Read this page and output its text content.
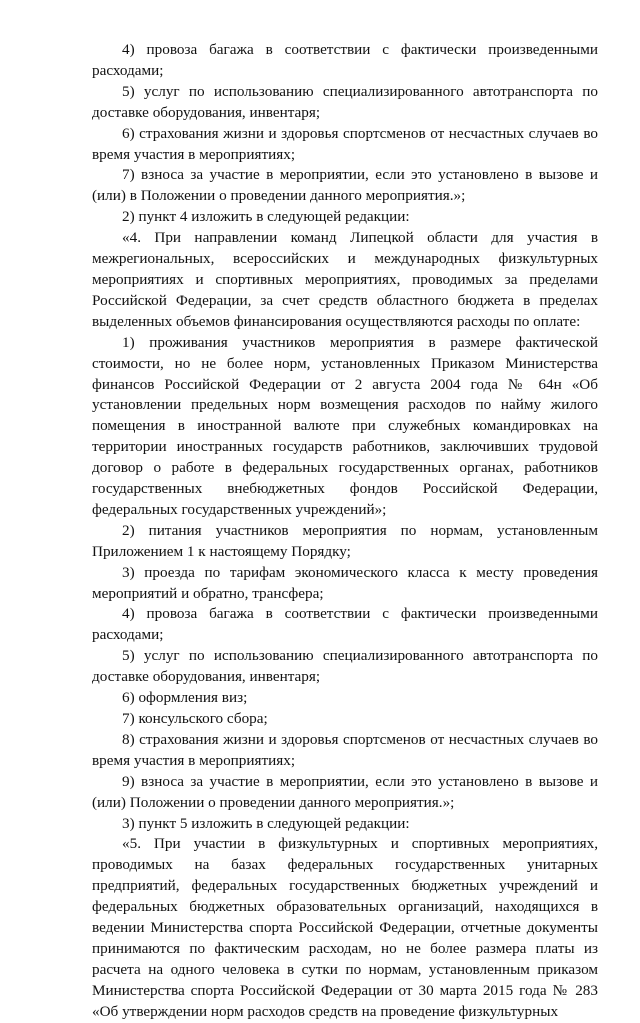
4) провоза багажа в соответствии с фактически произведенными расходами;

5) услуг по использованию специализированного автотранспорта по доставке оборудования, инвентаря;

6) страхования жизни и здоровья спортсменов от несчастных случаев во время участия в мероприятиях;

7) взноса за участие в мероприятии, если это установлено в вызове и (или) в Положении о проведении данного мероприятия.»;

2) пункт 4 изложить в следующей редакции:

«4. При направлении команд Липецкой области для участия в межрегиональных, всероссийских и международных физкультурных мероприятиях и спортивных мероприятиях, проводимых за пределами Российской Федерации, за счет средств областного бюджета в пределах выделенных объемов финансирования осуществляются расходы по оплате:

1) проживания участников мероприятия в размере фактической стоимости, но не более норм, установленных Приказом Министерства финансов Российской Федерации от 2 августа 2004 года № 64н «Об установлении предельных норм возмещения расходов по найму жилого помещения в иностранной валюте при служебных командировках на территории иностранных государств работников, заключивших трудовой договор о работе в федеральных государственных органах, работников государственных внебюджетных фондов Российской Федерации, федеральных государственных учреждений»;

2) питания участников мероприятия по нормам, установленным Приложением 1 к настоящему Порядку;

3) проезда по тарифам экономического класса к месту проведения мероприятий и обратно, трансфера;

4) провоза багажа в соответствии с фактически произведенными расходами;

5) услуг по использованию специализированного автотранспорта по доставке оборудования, инвентаря;

6) оформления виз;

7) консульского сбора;

8) страхования жизни и здоровья спортсменов от несчастных случаев во время участия в мероприятиях;

9) взноса за участие в мероприятии, если это установлено в вызове и (или) Положении о проведении данного мероприятия.»;

3) пункт 5 изложить в следующей редакции:

«5. При участии в физкультурных и спортивных мероприятиях, проводимых на базах федеральных государственных унитарных предприятий, федеральных государственных бюджетных учреждений и федеральных бюджетных образовательных организаций, находящихся в ведении Министерства спорта Российской Федерации, отчетные документы принимаются по фактическим расходам, но не более размера платы из расчета на одного человека в сутки по нормам, установленным приказом Министерства спорта Российской Федерации от 30 марта 2015 года № 283 «Об утверждении норм расходов средств на проведение физкультурных
